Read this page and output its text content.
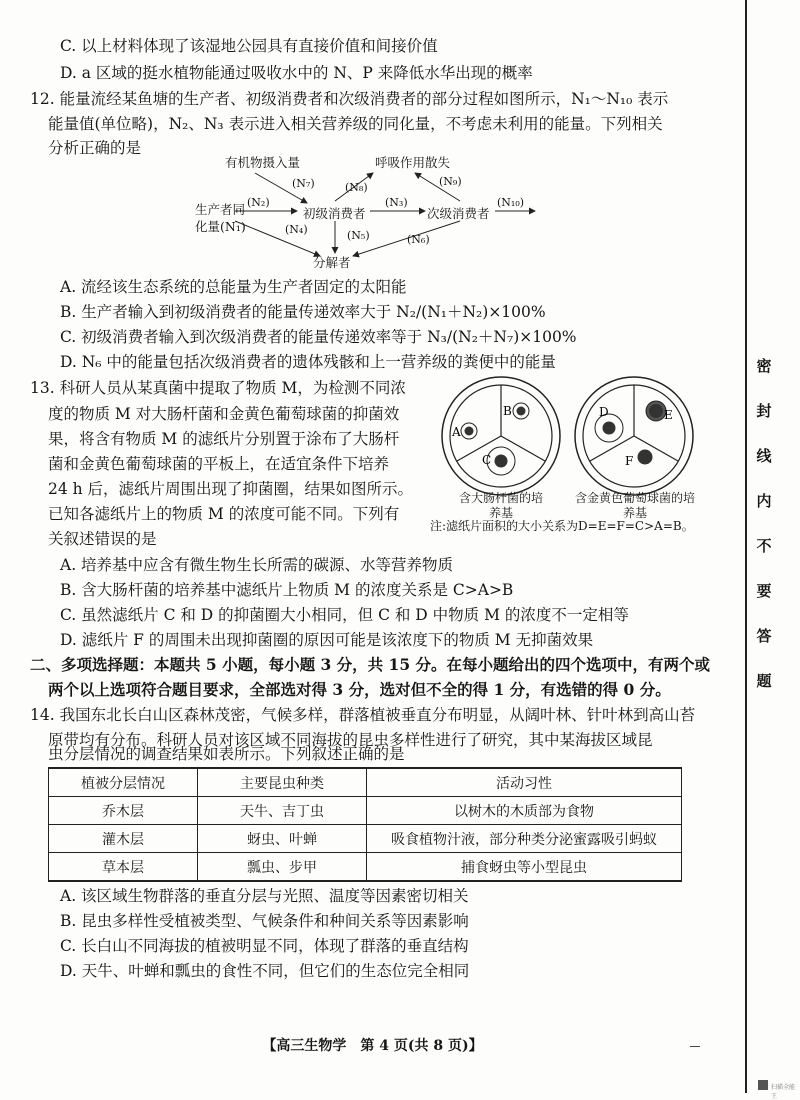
C. 以上材料体现了该湿地公园具有直接价值和间接价值
D. a 区域的挺水植物能通过吸收水中的 N、P 来降低水华出现的概率
12. 能量流经某鱼塘的生产者、初级消费者和次级消费者的部分过程如图所示，N₁～N₁₀ 表示
能量值(单位略)，N₂、N₃ 表示进入相关营养级的同化量，不考虑未利用的能量。下列相关
分析正确的是
有机物摄入量	呼吸作用散失
生产者同
化量(N₁)
初级消费者	次级消费者
分解者
(N₂)	(N₃)	(N₁₀)
(N₇)	(N₈)	(N₉)
(N₄)	(N₅)	(N₆)
A. 流经该生态系统的总能量为生产者固定的太阳能
B. 生产者输入到初级消费者的能量传递效率大于 N₂/(N₁＋N₂)×100%
C. 初级消费者输入到次级消费者的能量传递效率等于 N₃/(N₂＋N₇)×100%
D. N₆ 中的能量包括次级消费者的遗体残骸和上一营养级的粪便中的能量
13. 科研人员从某真菌中提取了物质 M，为检测不同浓
度的物质 M 对大肠杆菌和金黄色葡萄球菌的抑菌效
果，将含有物质 M 的滤纸片分别置于涂布了大肠杆
菌和金黄色葡萄球菌的平板上，在适宜条件下培养
24 h 后，滤纸片周围出现了抑菌圈，结果如图所示。
已知各滤纸片上的物质 M 的浓度可能不同。下列有
关叙述错误的是
B
A
C
含大肠杆菌的培
养基
D	E
F
含金黄色葡萄球菌的培
养基
注:滤纸片面积的大小关系为D=E=F=C>A=B。
A. 培养基中应含有微生物生长所需的碳源、水等营养物质
B. 含大肠杆菌的培养基中滤纸片上物质 M 的浓度关系是 C>A>B
C. 虽然滤纸片 C 和 D 的抑菌圈大小相同，但 C 和 D 中物质 M 的浓度不一定相等
D. 滤纸片 F 的周围未出现抑菌圈的原因可能是该浓度下的物质 M 无抑菌效果
二、多项选择题：本题共 5 小题，每小题 3 分，共 15 分。在每小题给出的四个选项中，有两个或
两个以上选项符合题目要求，全部选对得 3 分，选对但不全的得 1 分，有选错的得 0 分。
14. 我国东北长白山区森林茂密，气候多样，群落植被垂直分布明显，从阔叶林、针叶林到高山苔
原带均有分布。科研人员对该区域不同海拔的昆虫多样性进行了研究，其中某海拔区域昆
虫分层情况的调查结果如表所示。下列叙述正确的是
植被分层情况	主要昆虫种类	活动习性
乔木层	天牛、吉丁虫	以树木的木质部为食物
灌木层	蚜虫、叶蝉	吸食植物汁液，部分种类分泌蜜露吸引蚂蚁
草本层	瓢虫、步甲	捕食蚜虫等小型昆虫
A. 该区域生物群落的垂直分层与光照、温度等因素密切相关
B. 昆虫多样性受植被类型、气候条件和种间关系等因素影响
C. 长白山不同海拔的植被明显不同，体现了群落的垂直结构
D. 天牛、叶蝉和瓢虫的食性不同，但它们的生态位完全相同
【高三生物学　第 4 页(共 8 页)】
密
封
线
内
不
要
答
题
扫描全能王
